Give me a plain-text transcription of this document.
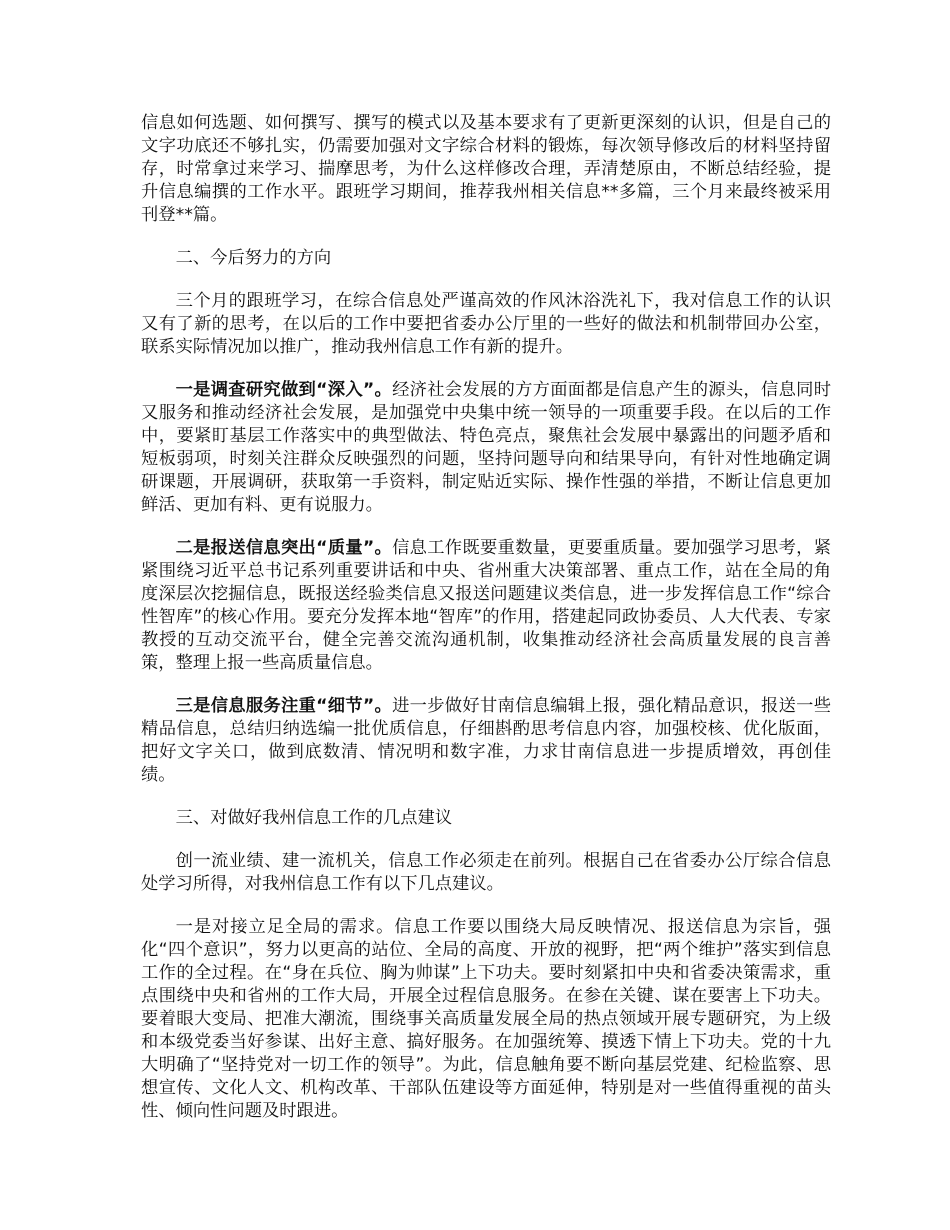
信息如何选题、如何撰写、撰写的模式以及基本要求有了更新更深刻的认识，但是自己的文字功底还不够扎实，仍需要加强对文字综合材料的锻炼，每次领导修改后的材料坚持留存，时常拿过来学习、揣摩思考，为什么这样修改合理，弄清楚原由，不断总结经验，提升信息编撰的工作水平。跟班学习期间，推荐我州相关信息**多篇，三个月来最终被采用刊登**篇。

二、今后努力的方向

三个月的跟班学习，在综合信息处严谨高效的作风沐浴洗礼下，我对信息工作的认识又有了新的思考，在以后的工作中要把省委办公厅里的一些好的做法和机制带回办公室，联系实际情况加以推广，推动我州信息工作有新的提升。

一是调查研究做到“深入”。经济社会发展的方方面面都是信息产生的源头，信息同时又服务和推动经济社会发展，是加强党中央集中统一领导的一项重要手段。在以后的工作中，要紧盯基层工作落实中的典型做法、特色亮点，聚焦社会发展中暴露出的问题矛盾和短板弱项，时刻关注群众反映强烈的问题，坚持问题导向和结果导向，有针对性地确定调研课题，开展调研，获取第一手资料，制定贴近实际、操作性强的举措，不断让信息更加鲜活、更加有料、更有说服力。

二是报送信息突出“质量”。信息工作既要重数量，更要重质量。要加强学习思考，紧紧围绕习近平总书记系列重要讲话和中央、省州重大决策部署、重点工作，站在全局的角度深层次挖掘信息，既报送经验类信息又报送问题建议类信息，进一步发挥信息工作“综合性智库”的核心作用。要充分发挥本地“智库”的作用，搭建起同政协委员、人大代表、专家教授的互动交流平台，健全完善交流沟通机制，收集推动经济社会高质量发展的良言善策，整理上报一些高质量信息。

三是信息服务注重“细节”。进一步做好甘南信息编辑上报，强化精品意识，报送一些精品信息，总结归纳选编一批优质信息，仔细斟酌思考信息内容，加强校核、优化版面，把好文字关口，做到底数清、情况明和数字准，力求甘南信息进一步提质增效，再创佳绩。

三、对做好我州信息工作的几点建议

创一流业绩、建一流机关，信息工作必须走在前列。根据自己在省委办公厅综合信息处学习所得，对我州信息工作有以下几点建议。

一是对接立足全局的需求。信息工作要以围绕大局反映情况、报送信息为宗旨，强化“四个意识”，努力以更高的站位、全局的高度、开放的视野，把“两个维护”落实到信息工作的全过程。在“身在兵位、胸为帅谋”上下功夫。要时刻紧扣中央和省委决策需求，重点围绕中央和省州的工作大局，开展全过程信息服务。在参在关键、谋在要害上下功夫。要着眼大变局、把准大潮流，围绕事关高质量发展全局的热点领域开展专题研究，为上级和本级党委当好参谋、出好主意、搞好服务。在加强统筹、摸透下情上下功夫。党的十九大明确了“坚持党对一切工作的领导”。为此，信息触角要不断向基层党建、纪检监察、思想宣传、文化人文、机构改革、干部队伍建设等方面延伸，特别是对一些值得重视的苗头性、倾向性问题及时跟进。
